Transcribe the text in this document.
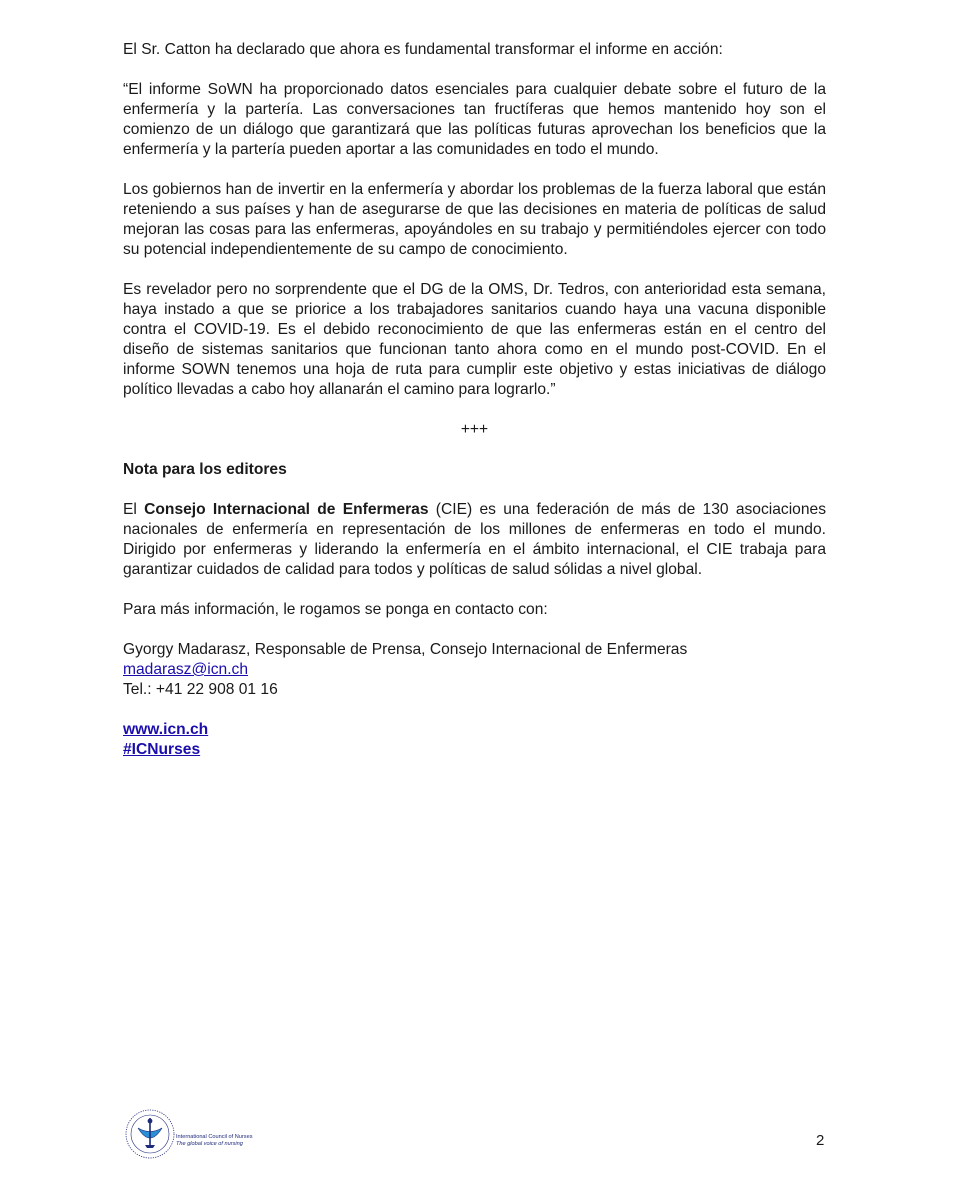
El Sr. Catton ha declarado que ahora es fundamental transformar el informe en acción:

“El informe SoWN ha proporcionado datos esenciales para cualquier debate sobre el futuro de la enfermería y la partería. Las conversaciones tan fructíferas que hemos mantenido hoy son el comienzo de un diálogo que garantizará que las políticas futuras aprovechan los beneficios que la enfermería y la partería pueden aportar a las comunidades en todo el mundo.

Los gobiernos han de invertir en la enfermería y abordar los problemas de la fuerza laboral que están reteniendo a sus países y han de asegurarse de que las decisiones en materia de políticas de salud mejoran las cosas para las enfermeras, apoyándoles en su trabajo y permitiéndoles ejercer con todo su potencial independientemente de su campo de conocimiento.

Es revelador pero no sorprendente que el DG de la OMS, Dr. Tedros, con anterioridad esta semana, haya instado a que se priorice a los trabajadores sanitarios cuando haya una vacuna disponible contra el COVID-19. Es el debido reconocimiento de que las enfermeras están en el centro del diseño de sistemas sanitarios que funcionan tanto ahora como en el mundo post-COVID. En el informe SOWN tenemos una hoja de ruta para cumplir este objetivo y estas iniciativas de diálogo político llevadas a cabo hoy allanarán el camino para lograrlo.”

+++
Nota para los editores

El Consejo Internacional de Enfermeras (CIE) es una federación de más de 130 asociaciones nacionales de enfermería en representación de los millones de enfermeras en todo el mundo. Dirigido por enfermeras y liderando la enfermería en el ámbito internacional, el CIE trabaja para garantizar cuidados de calidad para todos y políticas de salud sólidas a nivel global.

Para más información, le rogamos se ponga en contacto con:

Gyorgy Madarasz, Responsable de Prensa, Consejo Internacional de Enfermeras
madarasz@icn.ch
Tel.: +41 22 908 01 16
www.icn.ch
#ICNurses
International Council of Nurses
The global voice of nursing	2
